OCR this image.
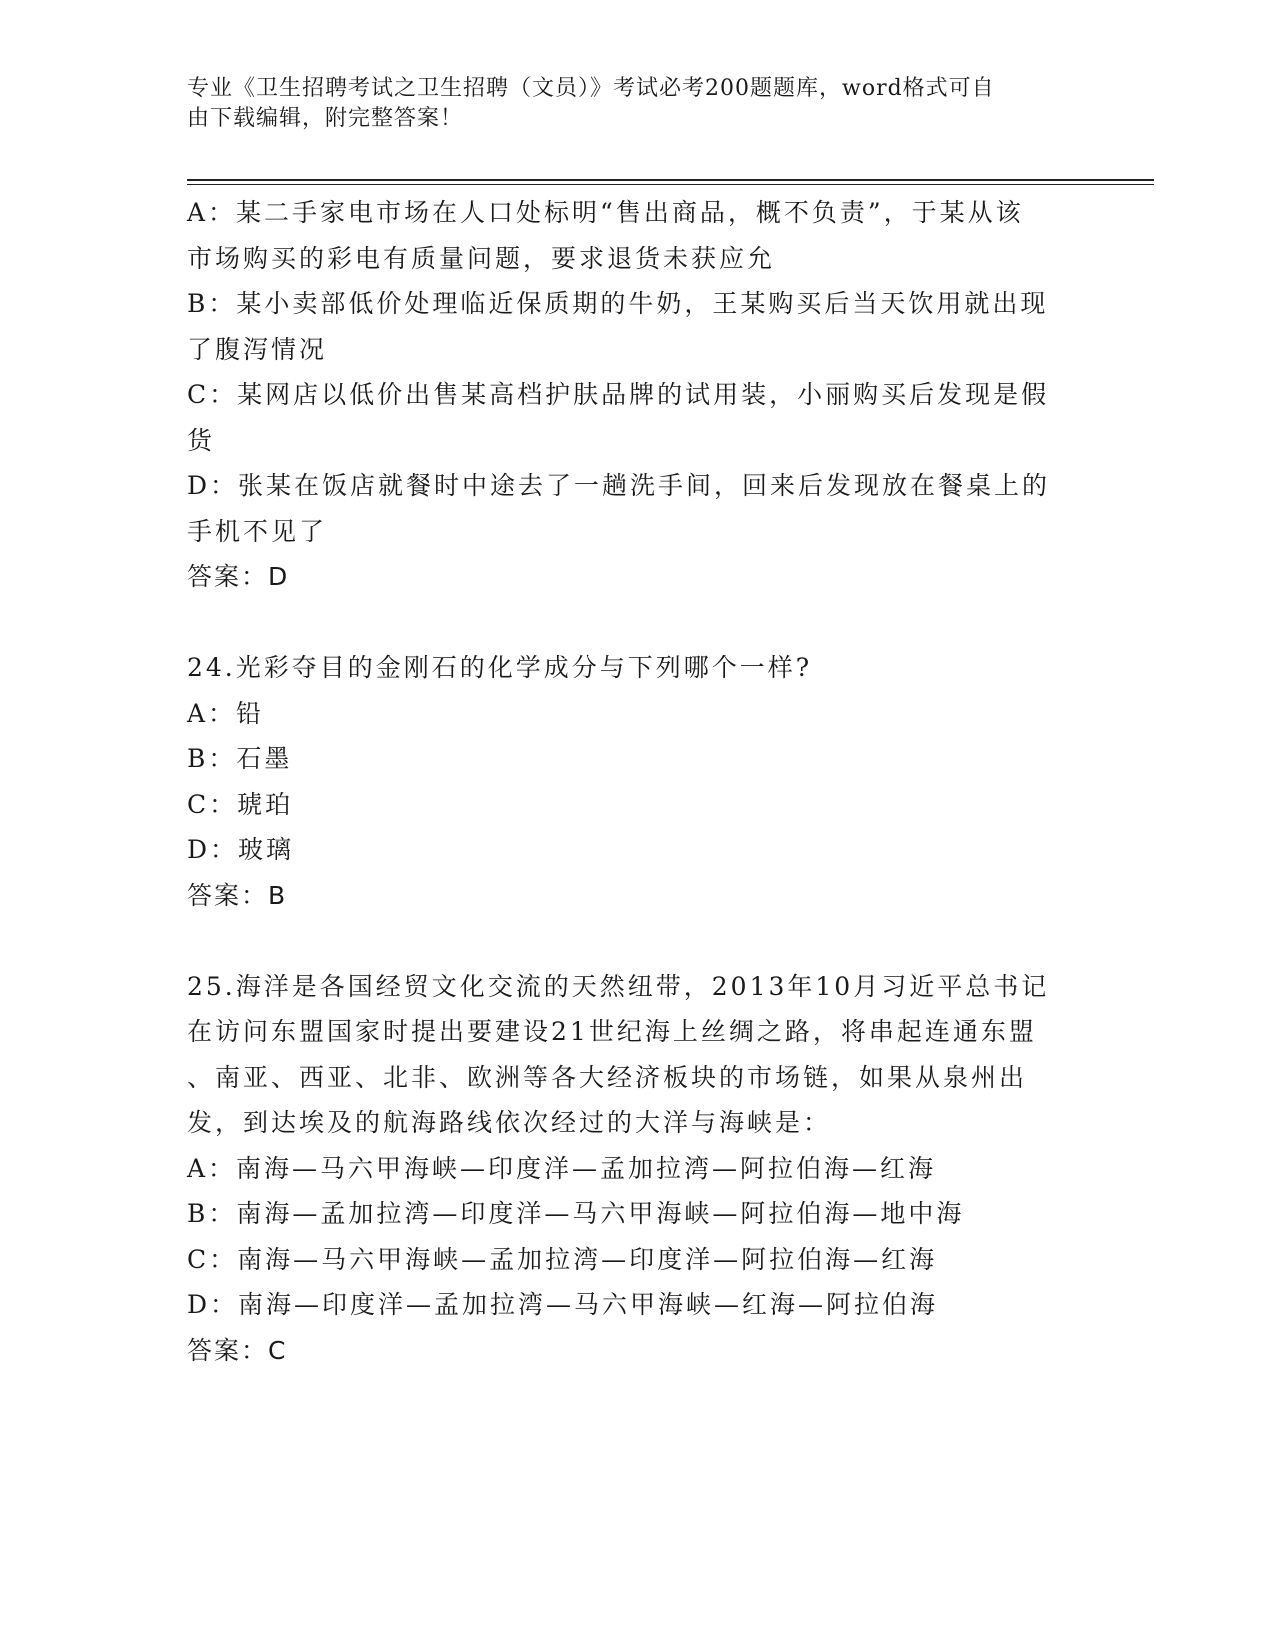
专业《卫生招聘考试之卫生招聘（文员）》考试必考200题题库，word格式可自
由下载编辑，附完整答案！

A：某二手家电市场在人口处标明“售出商品，概不负责”，于某从该

市场购买的彩电有质量问题，要求退货未获应允

B：某小卖部低价处理临近保质期的牛奶，王某购买后当天饮用就出现

了腹泻情况

C：某网店以低价出售某高档护肤品牌的试用装，小丽购买后发现是假

货

D：张某在饭店就餐时中途去了一趟洗手间，回来后发现放在餐桌上的

手机不见了

答案：D

24.光彩夺目的金刚石的化学成分与下列哪个一样?

A：铅

B：石墨

C：琥珀

D：玻璃

答案：B

25.海洋是各国经贸文化交流的天然纽带，2013年10月习近平总书记

在访问东盟国家时提出要建设21世纪海上丝绸之路，将串起连通东盟

、南亚、西亚、北非、欧洲等各大经济板块的市场链，如果从泉州出

发，到达埃及的航海路线依次经过的大洋与海峡是：

A：南海—马六甲海峡—印度洋—孟加拉湾—阿拉伯海—红海

B：南海—孟加拉湾—印度洋—马六甲海峡—阿拉伯海—地中海

C：南海—马六甲海峡—孟加拉湾—印度洋—阿拉伯海—红海

D：南海—印度洋—孟加拉湾—马六甲海峡—红海—阿拉伯海

答案：C
